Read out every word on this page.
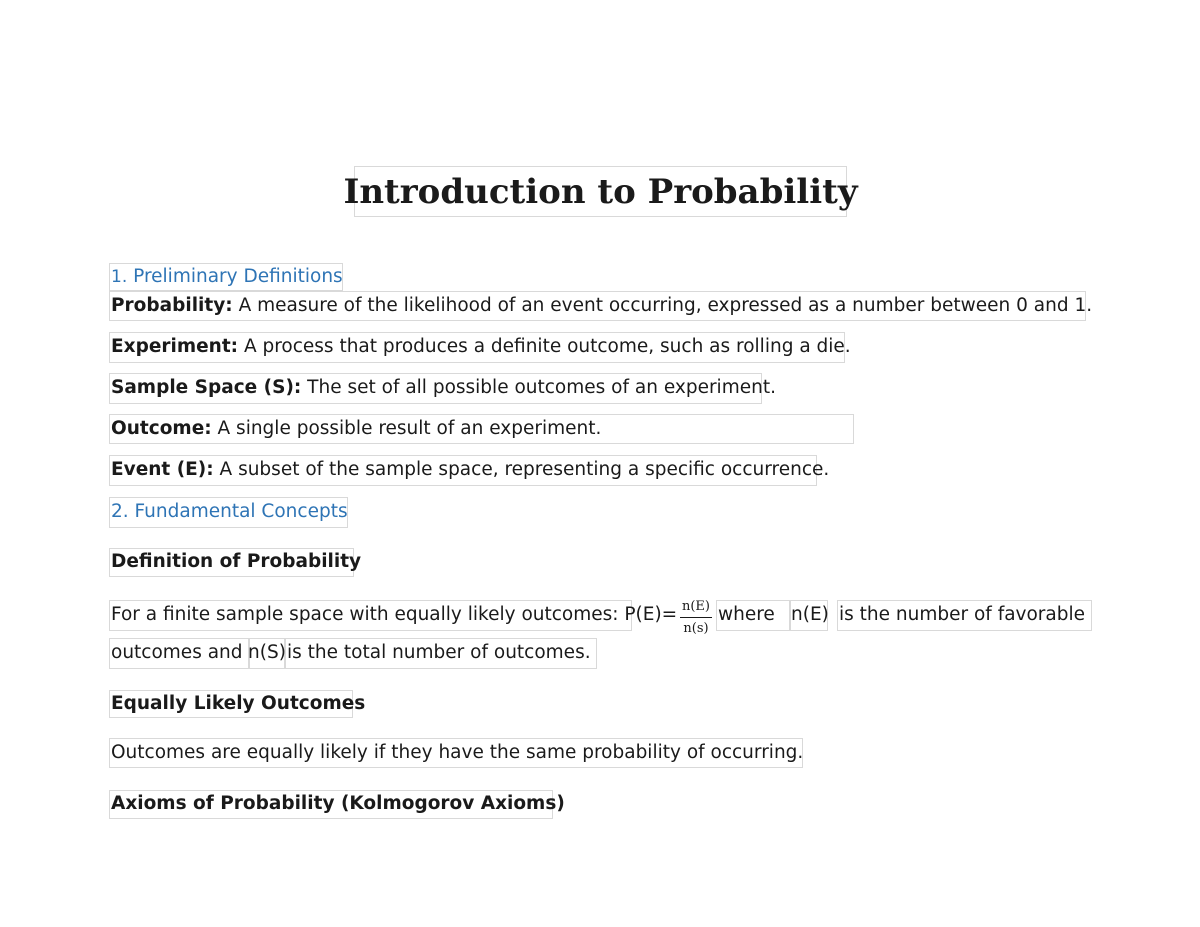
Introduction to Probability
1.
Preliminary Definitions
Probability: A measure of the likelihood of an event occurring, expressed as a number between 0 and 1.
Experiment: A process that produces a definite outcome, such as rolling a die.
Sample Space (S): The set of all possible outcomes of an experiment.
Outcome: A single possible result of an experiment.
Event (E): A subset of the sample space, representing a specific occurrence.
2. Fundamental Concepts
Definition of Probability
For a finite sample space with equally likely outcomes: P(E)= n(E)
n(s)
where n(E) is the number of favorable
outcomes and n(S) is the total number of outcomes.
Equally Likely Outcomes
Outcomes are equally likely if they have the same probability of occurring.
Axioms of Probability (Kolmogorov Axioms)
